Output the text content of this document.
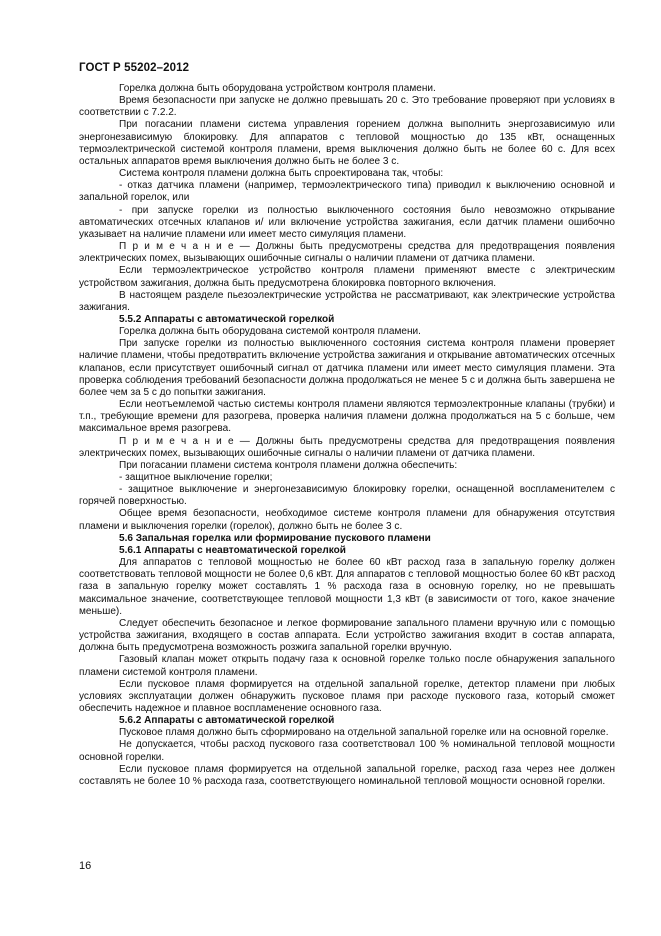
ГОСТ Р 55202–2012

Горелка должна быть оборудована устройством контроля пламени.

Время безопасности при запуске не должно превышать 20 с. Это требование проверяют при условиях в соответствии с 7.2.2.

При погасании пламени система управления горением должна выполнить энергозависимую или энергонезависимую блокировку. Для аппаратов с тепловой мощностью до 135 кВт, оснащенных термоэлектрической системой контроля пламени, время выключения должно быть не более 60 с. Для всех остальных аппаратов время выключения должно быть не более 3 с.

Система контроля пламени должна быть спроектирована так, чтобы:

- отказ датчика пламени (например, термоэлектрического типа) приводил к выключению основной и запальной горелок, или

- при запуске горелки из полностью выключенного состояния было невозможно открывание автоматических отсечных клапанов и/ или включение устройства зажигания, если датчик пламени ошибочно указывает на наличие пламени или имеет место симуляция пламени.

П р и м е ч а н и е — Должны быть предусмотрены средства для предотвращения появления электрических помех, вызывающих ошибочные сигналы о наличии пламени от датчика пламени.

Если термоэлектрическое устройство контроля пламени применяют вместе с электрическим устройством зажигания, должна быть предусмотрена блокировка повторного включения.

В настоящем разделе пьезоэлектрические устройства не рассматривают, как электрические устройства зажигания.

5.5.2 Аппараты с автоматической горелкой

Горелка должна быть оборудована системой контроля пламени.

При запуске горелки из полностью выключенного состояния система контроля пламени проверяет наличие пламени, чтобы предотвратить включение устройства зажигания и открывание автоматических отсечных клапанов, если присутствует ошибочный сигнал от датчика пламени или имеет место симуляция пламени. Эта проверка соблюдения требований безопасности должна продолжаться не менее 5 с и должна быть завершена не более чем за 5 с до попытки зажигания.

Если неотъемлемой частью системы контроля пламени являются термоэлектронные клапаны (трубки) и т.п., требующие времени для разогрева, проверка наличия пламени должна продолжаться на 5 с больше, чем максимальное время разогрева.

П р и м е ч а н и е — Должны быть предусмотрены средства для предотвращения появления электрических помех, вызывающих ошибочные сигналы о наличии пламени от датчика пламени.

При погасании пламени система контроля пламени должна обеспечить:

- защитное выключение горелки;

- защитное выключение и энергонезависимую блокировку горелки, оснащенной воспламенителем с горячей поверхностью.

Общее время безопасности, необходимое системе контроля пламени для обнаружения отсутствия пламени и выключения горелки (горелок), должно быть не более 3 с.

5.6 Запальная горелка или формирование пускового пламени

5.6.1 Аппараты с неавтоматической горелкой

Для аппаратов с тепловой мощностью не более 60 кВт расход газа в запальную горелку должен соответствовать тепловой мощности не более 0,6 кВт. Для аппаратов с тепловой мощностью более 60 кВт расход газа в запальную горелку может составлять 1 % расхода газа в основную горелку, но не превышать максимальное значение, соответствующее тепловой мощности 1,3 кВт (в зависимости от того, какое значение меньше).

Следует обеспечить безопасное и легкое формирование запального пламени вручную или с помощью устройства зажигания, входящего в состав аппарата. Если устройство зажигания входит в состав аппарата, должна быть предусмотрена возможность розжига запальной горелки вручную.

Газовый клапан может открыть подачу газа к основной горелке только после обнаружения запального пламени системой контроля пламени.

Если пусковое пламя формируется на отдельной запальной горелке, детектор пламени при любых условиях эксплуатации должен обнаружить пусковое пламя при расходе пускового газа, который сможет обеспечить надежное и плавное воспламенение основного газа.

5.6.2 Аппараты с автоматической горелкой

Пусковое пламя должно быть сформировано на отдельной запальной горелке или на основной горелке.

Не допускается, чтобы расход пускового газа соответствовал 100 % номинальной тепловой мощности основной горелки.

Если пусковое пламя формируется на отдельной запальной горелке, расход газа через нее должен составлять не более 10 % расхода газа, соответствующего номинальной тепловой мощности основной горелки.

16
